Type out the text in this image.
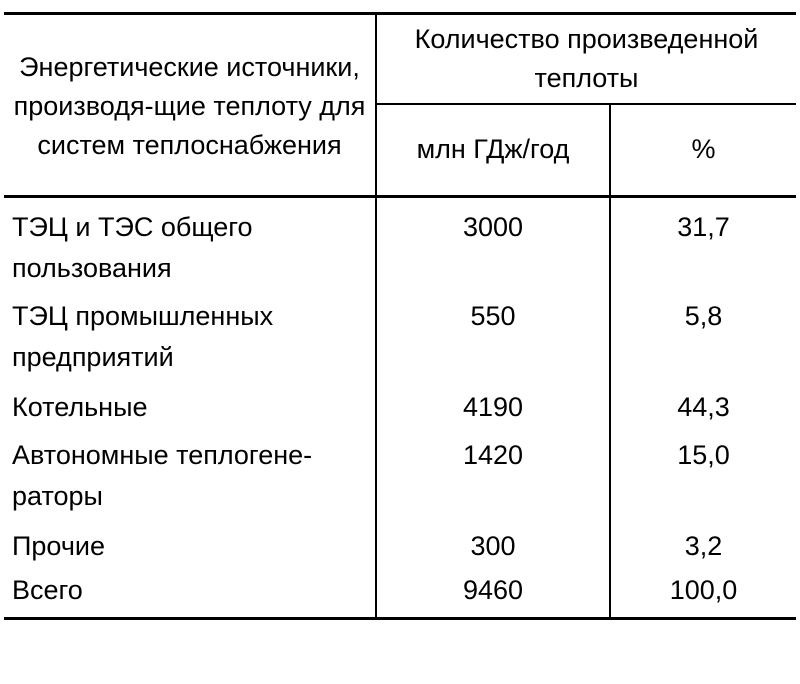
Энергетические источники, производя-щие теплоту для систем теплоснабжения	Количество произведенной теплоты	
	млн ГДж/год	%
ТЭЦ и ТЭС общего пользования	3000	31,7
ТЭЦ промышленных предприятий	550	5,8
Котельные	4190	44,3
Автономные теплогене-раторы	1420	15,0
Прочие	300	3,2
Всего	9460	100,0
